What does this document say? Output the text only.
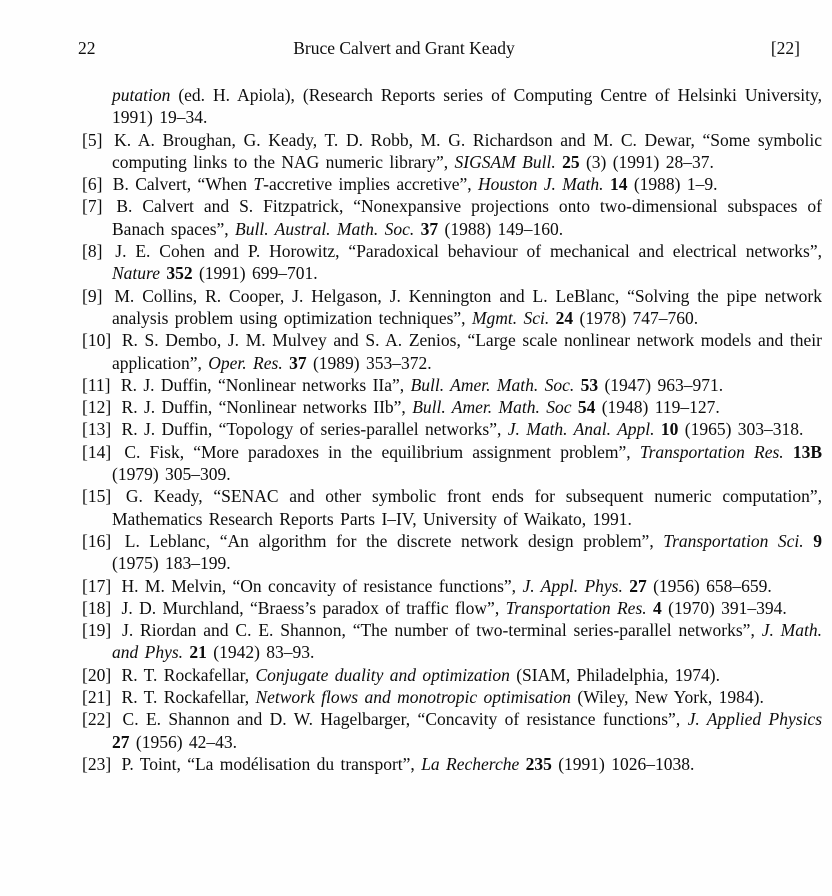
22	Bruce Calvert and Grant Keady	[22]

putation (ed. H. Apiola), (Research Reports series of Computing Centre of Helsinki University, 1991) 19–34.

[5] K. A. Broughan, G. Keady, T. D. Robb, M. G. Richardson and M. C. Dewar, “Some symbolic computing links to the NAG numeric library”, SIGSAM Bull. 25 (3) (1991) 28–37.

[6] B. Calvert, “When T-accretive implies accretive”, Houston J. Math. 14 (1988) 1–9.

[7] B. Calvert and S. Fitzpatrick, “Nonexpansive projections onto two-dimensional subspaces of Banach spaces”, Bull. Austral. Math. Soc. 37 (1988) 149–160.

[8] J. E. Cohen and P. Horowitz, “Paradoxical behaviour of mechanical and electrical networks”, Nature 352 (1991) 699–701.

[9] M. Collins, R. Cooper, J. Helgason, J. Kennington and L. LeBlanc, “Solving the pipe network analysis problem using optimization techniques”, Mgmt. Sci. 24 (1978) 747–760.

[10] R. S. Dembo, J. M. Mulvey and S. A. Zenios, “Large scale nonlinear network models and their application”, Oper. Res. 37 (1989) 353–372.

[11] R. J. Duffin, “Nonlinear networks IIa”, Bull. Amer. Math. Soc. 53 (1947) 963–971.

[12] R. J. Duffin, “Nonlinear networks IIb”, Bull. Amer. Math. Soc 54 (1948) 119–127.

[13] R. J. Duffin, “Topology of series-parallel networks”, J. Math. Anal. Appl. 10 (1965) 303–318.

[14] C. Fisk, “More paradoxes in the equilibrium assignment problem”, Transportation Res. 13B (1979) 305–309.

[15] G. Keady, “SENAC and other symbolic front ends for subsequent numeric computation”, Mathematics Research Reports Parts I–IV, University of Waikato, 1991.

[16] L. Leblanc, “An algorithm for the discrete network design problem”, Transportation Sci. 9 (1975) 183–199.

[17] H. M. Melvin, “On concavity of resistance functions”, J. Appl. Phys. 27 (1956) 658–659.

[18] J. D. Murchland, “Braess’s paradox of traffic flow”, Transportation Res. 4 (1970) 391–394.

[19] J. Riordan and C. E. Shannon, “The number of two-terminal series-parallel networks”, J. Math. and Phys. 21 (1942) 83–93.

[20] R. T. Rockafellar, Conjugate duality and optimization (SIAM, Philadelphia, 1974).

[21] R. T. Rockafellar, Network flows and monotropic optimisation (Wiley, New York, 1984).

[22] C. E. Shannon and D. W. Hagelbarger, “Concavity of resistance functions”, J. Applied Physics 27 (1956) 42–43.

[23] P. Toint, “La modélisation du transport”, La Recherche 235 (1991) 1026–1038.
